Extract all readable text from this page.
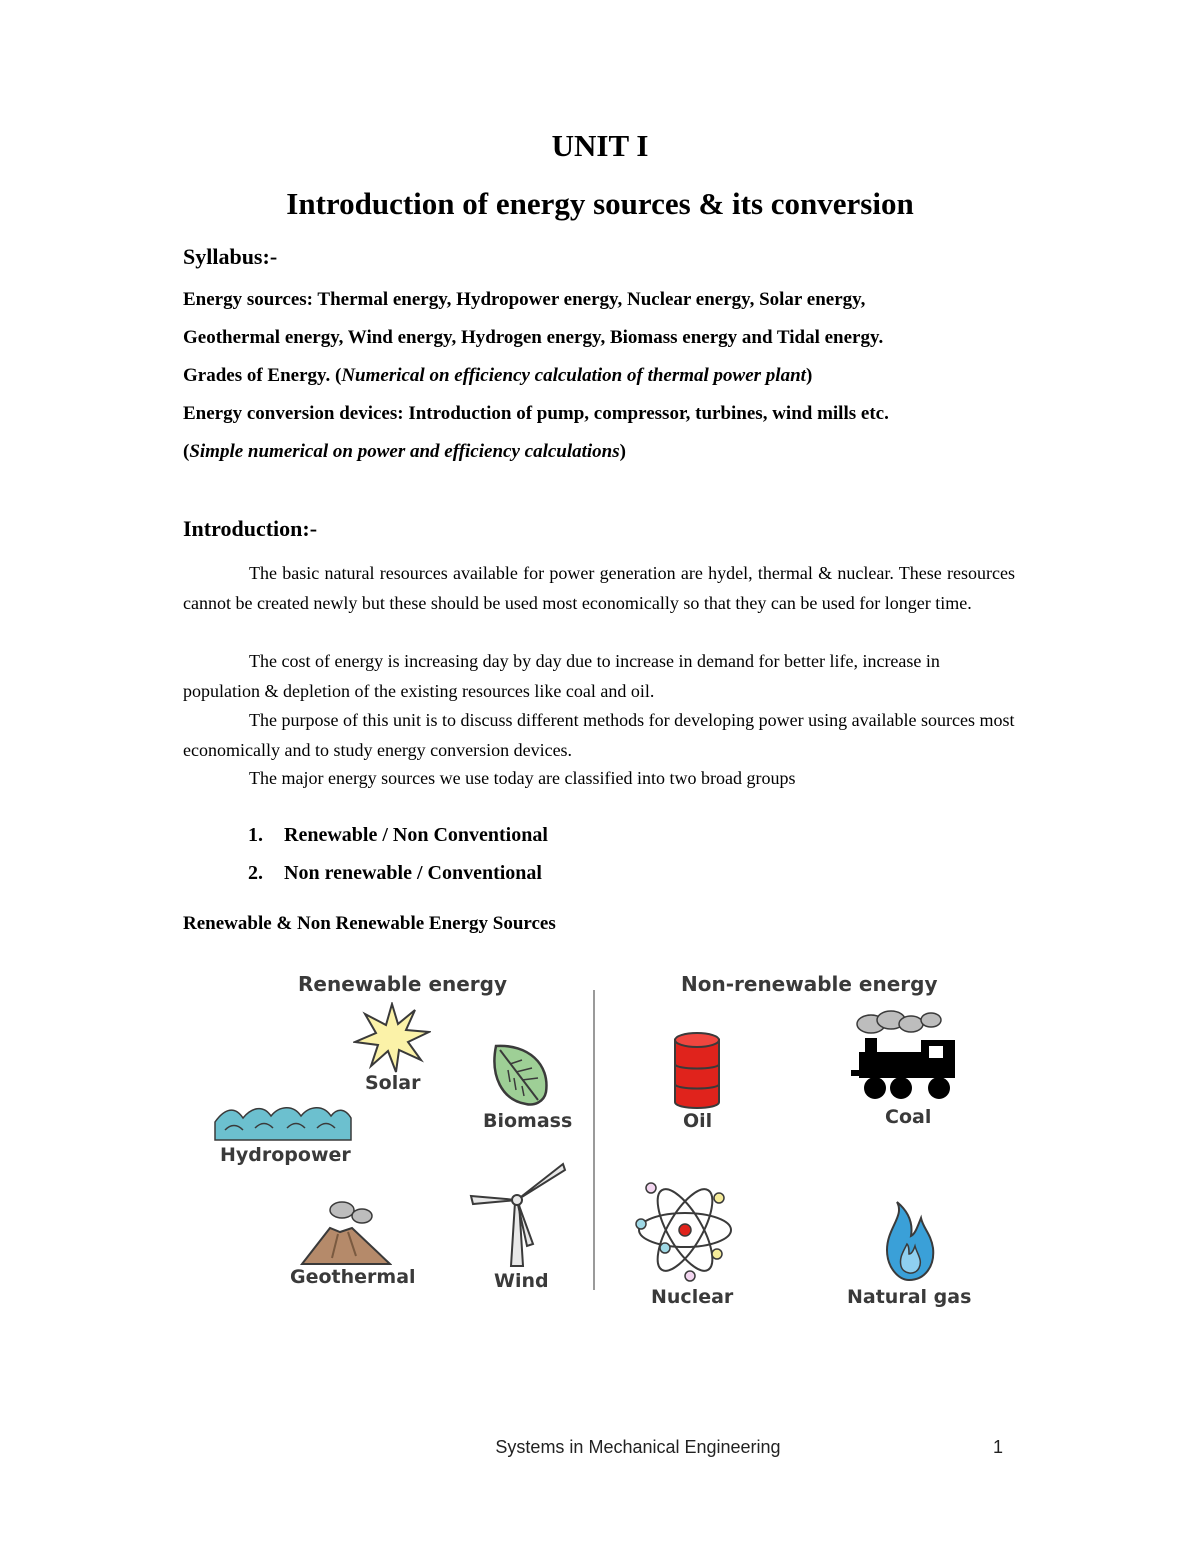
UNIT I
Introduction of energy sources & its conversion
Syllabus:-
Energy sources: Thermal energy, Hydropower energy, Nuclear energy, Solar energy,
Geothermal energy, Wind energy, Hydrogen energy, Biomass energy and Tidal energy.
Grades of Energy. (Numerical on efficiency calculation of thermal power plant)
Energy conversion devices: Introduction of pump, compressor, turbines, wind mills etc.
(Simple numerical on power and efficiency calculations)
Introduction:-
The basic natural resources available for power generation are hydel, thermal & nuclear. These resources cannot be created newly but these should be used most economically so that they can be used for longer time.
The cost of energy is increasing day by day due to increase in demand for better life, increase in population & depletion of the existing resources like coal and oil.
The purpose of this unit is to discuss different methods for developing power using available sources most economically and to study energy conversion devices.
The major energy sources we use today are classified into two broad groups
1. Renewable / Non Conventional
2. Non renewable / Conventional
Renewable & Non Renewable Energy Sources
Renewable energy	Non-renewable energy
Solar
Biomass
Hydropower
Geothermal	Wind
Oil	Coal
Nuclear	Natural gas
Systems in Mechanical Engineering	1
